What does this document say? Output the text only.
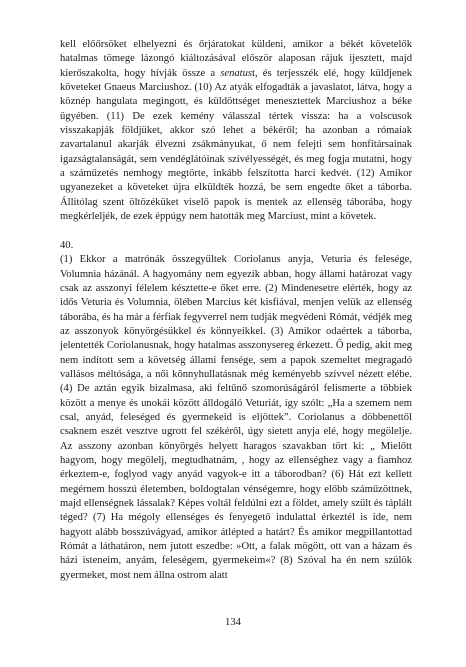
kell előőrsöket elhelyezni és őrjáratokat küldeni, amikor a békét követelők hatalmas tömege lázongó kiáltozásával először alaposan rájuk ijesztett, majd kierőszakolta, hogy hívják össze a senatust, és terjesszék elé, hogy küldjenek követeket Gnaeus Marciushoz. (10) Az atyák elfogadták a javaslatot, látva, hogy a köznép hangulata megingott, és küldöttséget menesztettek Marciushoz a béke ügyében. (11) De ezek kemény válasszal tértek vissza: ha a volscusok visszakapják földjüket, akkor szó lehet a békéről; ha azonban a rómaiak zavartalanul akarják élvezni zsákmányukat, ő nem felejti sem honfitársainak igazságtalanságát, sem vendéglátóinak szívélyességét, és meg fogja mutatni, hogy a száműzetés nemhogy megtörte, inkább felszította harci kedvét. (12) Amikor ugyanezeket a követeket újra elküldték hozzá, be sem engedte őket a táborba. Állítólag szent öltözéküket viselő papok is mentek az ellenség táborába, hogy megkérleljék, de ezek éppúgy nem hatották meg Marciust, mint a követek.

40.
(1) Ekkor a matrónák összegyűltek Coriolanus anyja, Veturia és felesége, Volumnia házánál. A hagyomány nem egyezik abban, hogy állami határozat vagy csak az asszonyi félelem késztette-e őket erre. (2) Mindenesetre elérték, hogy az idős Veturia és Volumnia, ölében Marcius két kisfiával, menjen velük az ellenség táborába, és ha már a férfiak fegyverrel nem tudják megvédeni Rómát, védjék meg az asszonyok könyörgésükkel és könnyeikkel. (3) Amikor odaértek a táborba, jelentették Coriolanusnak, hogy hatalmas asszonysereg érkezett. Ő pedig, akit meg nem indított sem a követség állami fensége, sem a papok szemeltet megragadó vallásos méltósága, a női könnyhullatásnak még keményebb szívvel nézett elébe. (4) De aztán egyik bizalmasa, aki feltűnő szomorúságáról felismerte a többiek között a menye és unokái között álldogáló Veturiát, így szólt: „Ha a szemem nem csal, anyád, feleséged és gyermekeid is eljöttek”. Coriolanus a döbbenettől csaknem eszét vesztve ugrott fel székéről, úgy sietett anyja elé, hogy megölelje. Az asszony azonban könyörgés helyett haragos szavakban tört ki: „ Mielőtt hagyom, hogy megölelj, megtudhatnám, , hogy az ellenséghez vagy a fiamhoz érkeztem-e, foglyod vagy anyád vagyok-e itt a táborodban? (6) Hát ezt kellett megérnem hosszú életemben, boldogtalan vénségemre, hogy előbb száműzöttnek, majd ellenségnek lássalak? Képes voltál feldúlni ezt a földet, amely szült és táplált téged? (7) Ha mégoly ellenséges és fenyegető indulattal érkeztél is ide, nem hagyott alább bosszúvágyad, amikor átlépted a határt? És amikor megpillantottad Rómát a láthatáron, nem jutott eszedbe: »Ott, a falak mögött, ott van a házam és házi isteneim, anyám, feleségem, gyermekeim«? (8) Szóval ha én nem szülök gyermeket, most nem állna ostrom alatt

134
